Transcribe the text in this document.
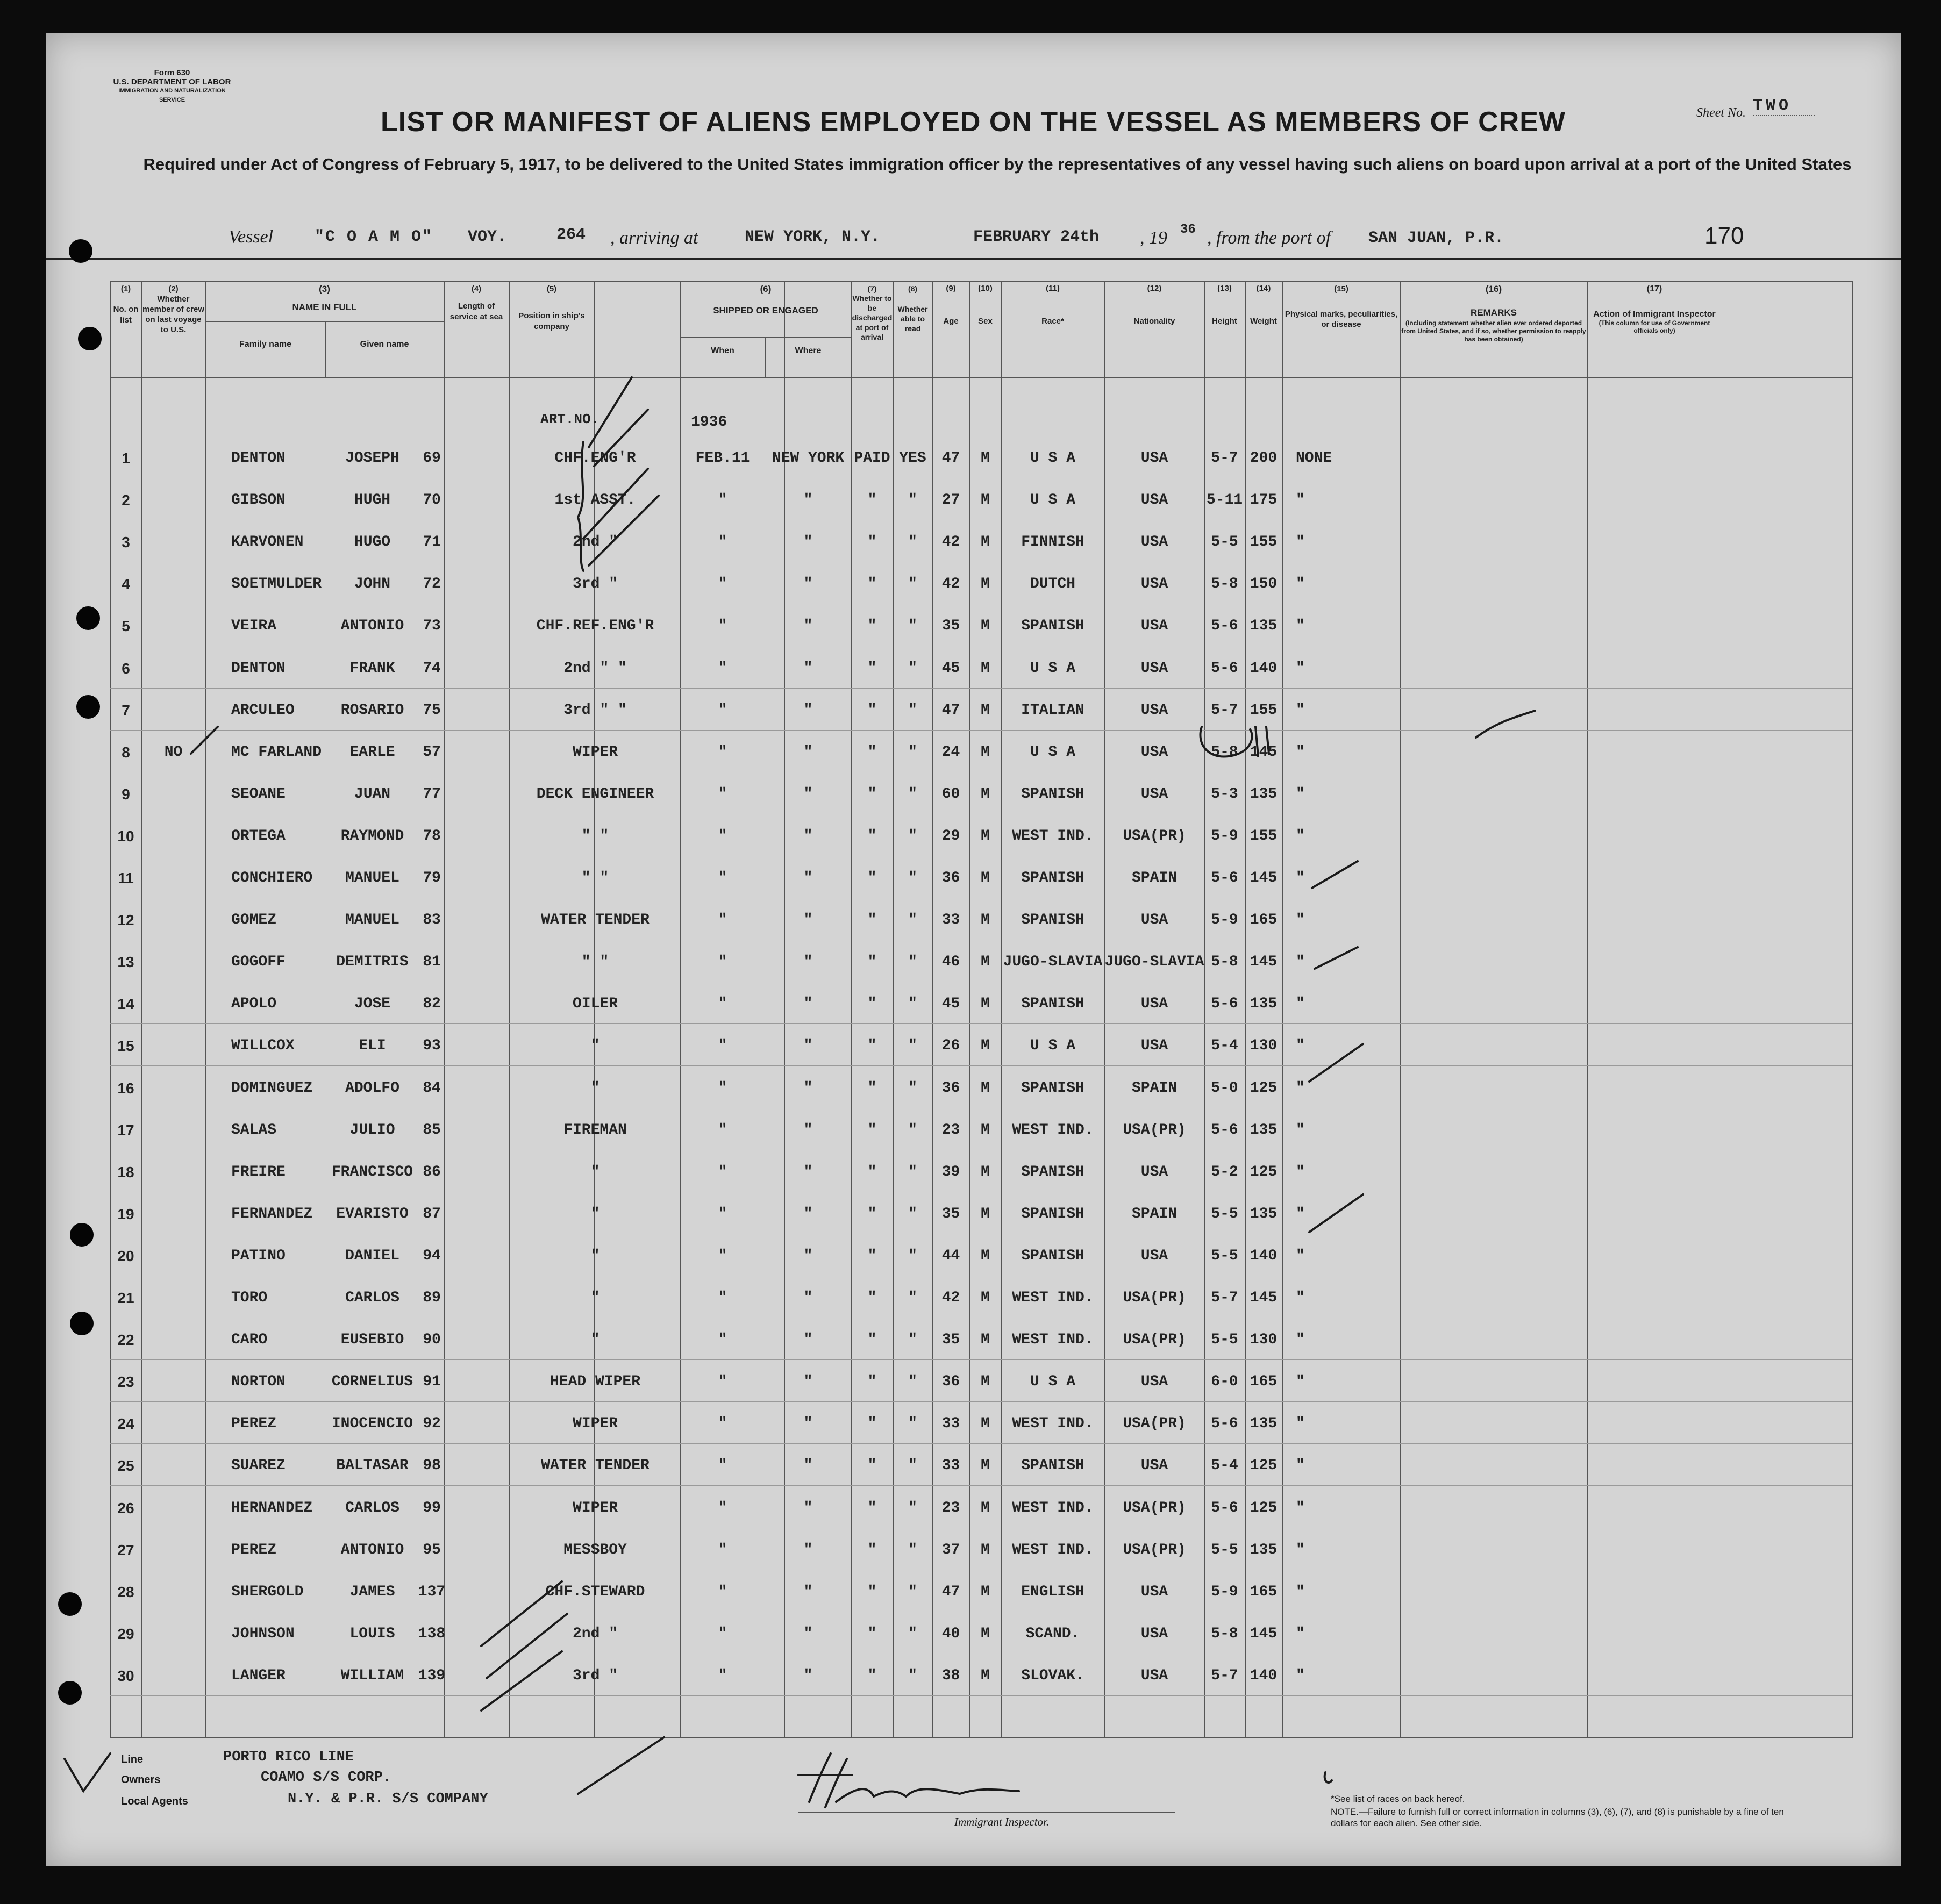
Form 630
U.S. DEPARTMENT OF LABOR
IMMIGRATION AND NATURALIZATION SERVICE
Sheet No. TWO
LIST OR MANIFEST OF ALIENS EMPLOYED ON THE VESSEL AS MEMBERS OF CREW
Required under Act of Congress of February 5, 1917, to be delivered to the United States immigration officer by the representatives of any vessel having such aliens on board upon arrival at a port of the United States
Vessel	"C O A M O" VOY.	264 , arriving at	NEW YORK, N.Y.	FEBRUARY 24th , 19 36 , from the port of SAN JUAN, P.R.	170
(1)
No. on list
(2)
Whether member of crew on last voyage to U.S.
(3)
NAME IN FULL
Family name	Given name
(4)
Length of service at sea
(5)
Position in ship's company
(6)
SHIPPED OR ENGAGED
When	Where
(7)
Whether to be discharged at port of arrival
(8)
Whether able to read
(9)
Age
(10)
Sex
(11)
Race*
(12)
Nationality
(13)
Height
(14)
Weight
(15)
Physical marks, peculiarities, or disease
(16)
REMARKS
(Including statement whether alien ever ordered deported from United States, and if so, whether permission to reapply has been obtained)
(17)
Action of Immigrant Inspector
(This column for use of Government officials only)
ART.NO.	1936
1	DENTON	JOSEPH	69	CHF.ENG'R	FEB.11	NEW YORK PAID YES	47	M	U S A	USA	5-7 200	NONE
2	GIBSON	HUGH	70	1st ASST.	"	"	"	"	27	M	U S A	USA	5-11 175	"
3	KARVONEN	HUGO	71	2nd "	"	"	"	"	42	M	FINNISH	USA	5-5 155	"
4	SOETMULDER	JOHN	72	3rd "	"	"	"	"	42	M	DUTCH	USA	5-8 150	"
5	VEIRA	ANTONIO	73	CHF.REF.ENG'R	"	"	"	"	35	M	SPANISH	USA	5-6 135	"
6	DENTON	FRANK	74	2nd " "	"	"	"	"	45	M	U S A	USA	5-6 140	"
7	ARCULEO	ROSARIO	75	3rd " "	"	"	"	"	47	M	ITALIAN	USA	5-7 155	"
8	NO	MC FARLAND	EARLE	57	WIPER	"	"	"	"	24	M	U S A	USA	5-8 145	"
9	SEOANE	JUAN	77	DECK ENGINEER	"	"	"	"	60	M	SPANISH	USA	5-3 135	"
10	ORTEGA	RAYMOND	78	" "	"	"	"	"	29	M	WEST IND.	USA(PR)	5-9 155	"
11	CONCHIERO	MANUEL	79	" "	"	"	"	"	36	M	SPANISH	SPAIN	5-6 145	"
12	GOMEZ	MANUEL	83	WATER TENDER	"	"	"	"	33	M	SPANISH	USA	5-9 165	"
13	GOGOFF	DEMITRIS 81	" "	"	"	"	"	46	M JUGO-SLAVIA JUGO-SLAVIA 5-8 145	"
14	APOLO	JOSE	82	OILER	"	"	"	"	45	M	SPANISH	USA	5-6 135	"
15	WILLCOX	ELI	93	"	"	"	"	"	26	M	U S A	USA	5-4 130	"
16	DOMINGUEZ	ADOLFO	84	"	"	"	"	"	36	M	SPANISH	SPAIN	5-0 125	"
17	SALAS	JULIO	85	FIREMAN	"	"	"	"	23	M	WEST IND.	USA(PR)	5-6 135	"
18	FREIRE	FRANCISCO 86	"	"	"	"	"	39	M	SPANISH	USA	5-2 125	"
19	FERNANDEZ	EVARISTO 87	"	"	"	"	"	35	M	SPANISH	SPAIN	5-5 135	"
20	PATINO	DANIEL	94	"	"	"	"	"	44	M	SPANISH	USA	5-5 140	"
21	TORO	CARLOS	89	"	"	"	"	"	42	M	WEST IND.	USA(PR)	5-7 145	"
22	CARO	EUSEBIO	90	"	"	"	"	"	35	M	WEST IND.	USA(PR)	5-5 130	"
23	NORTON	CORNELIUS 91	HEAD WIPER	"	"	"	"	36	M	U S A	USA	6-0 165	"
24	PEREZ	INOCENCIO 92	WIPER	"	"	"	"	33	M	WEST IND.	USA(PR)	5-6 135	"
25	SUAREZ	BALTASAR 98	WATER TENDER	"	"	"	"	33	M	SPANISH	USA	5-4 125	"
26	HERNANDEZ	CARLOS	99	WIPER	"	"	"	"	23	M	WEST IND.	USA(PR)	5-6 125	"
27	PEREZ	ANTONIO	95	MESSBOY	"	"	"	"	37	M	WEST IND.	USA(PR)	5-5 135	"
28	SHERGOLD	JAMES	137	CHF.STEWARD	"	"	"	"	47	M	ENGLISH	USA	5-9 165	"
29	JOHNSON	LOUIS	138	2nd "	"	"	"	"	40	M	SCAND.	USA	5-8 145	"
30	LANGER	WILLIAM 139	3rd "	"	"	"	"	38	M	SLOVAK.	USA	5-7 140	"
Line	PORTO RICO LINE
Owners	COAMO S/S CORP.
Local Agents	N.Y. & P.R. S/S COMPANY
Immigrant Inspector.
*See list of races on back hereof.
NOTE.—Failure to furnish full or correct information in columns (3), (6), (7), and (8) is punishable by a fine of ten dollars for each alien. See other side.
